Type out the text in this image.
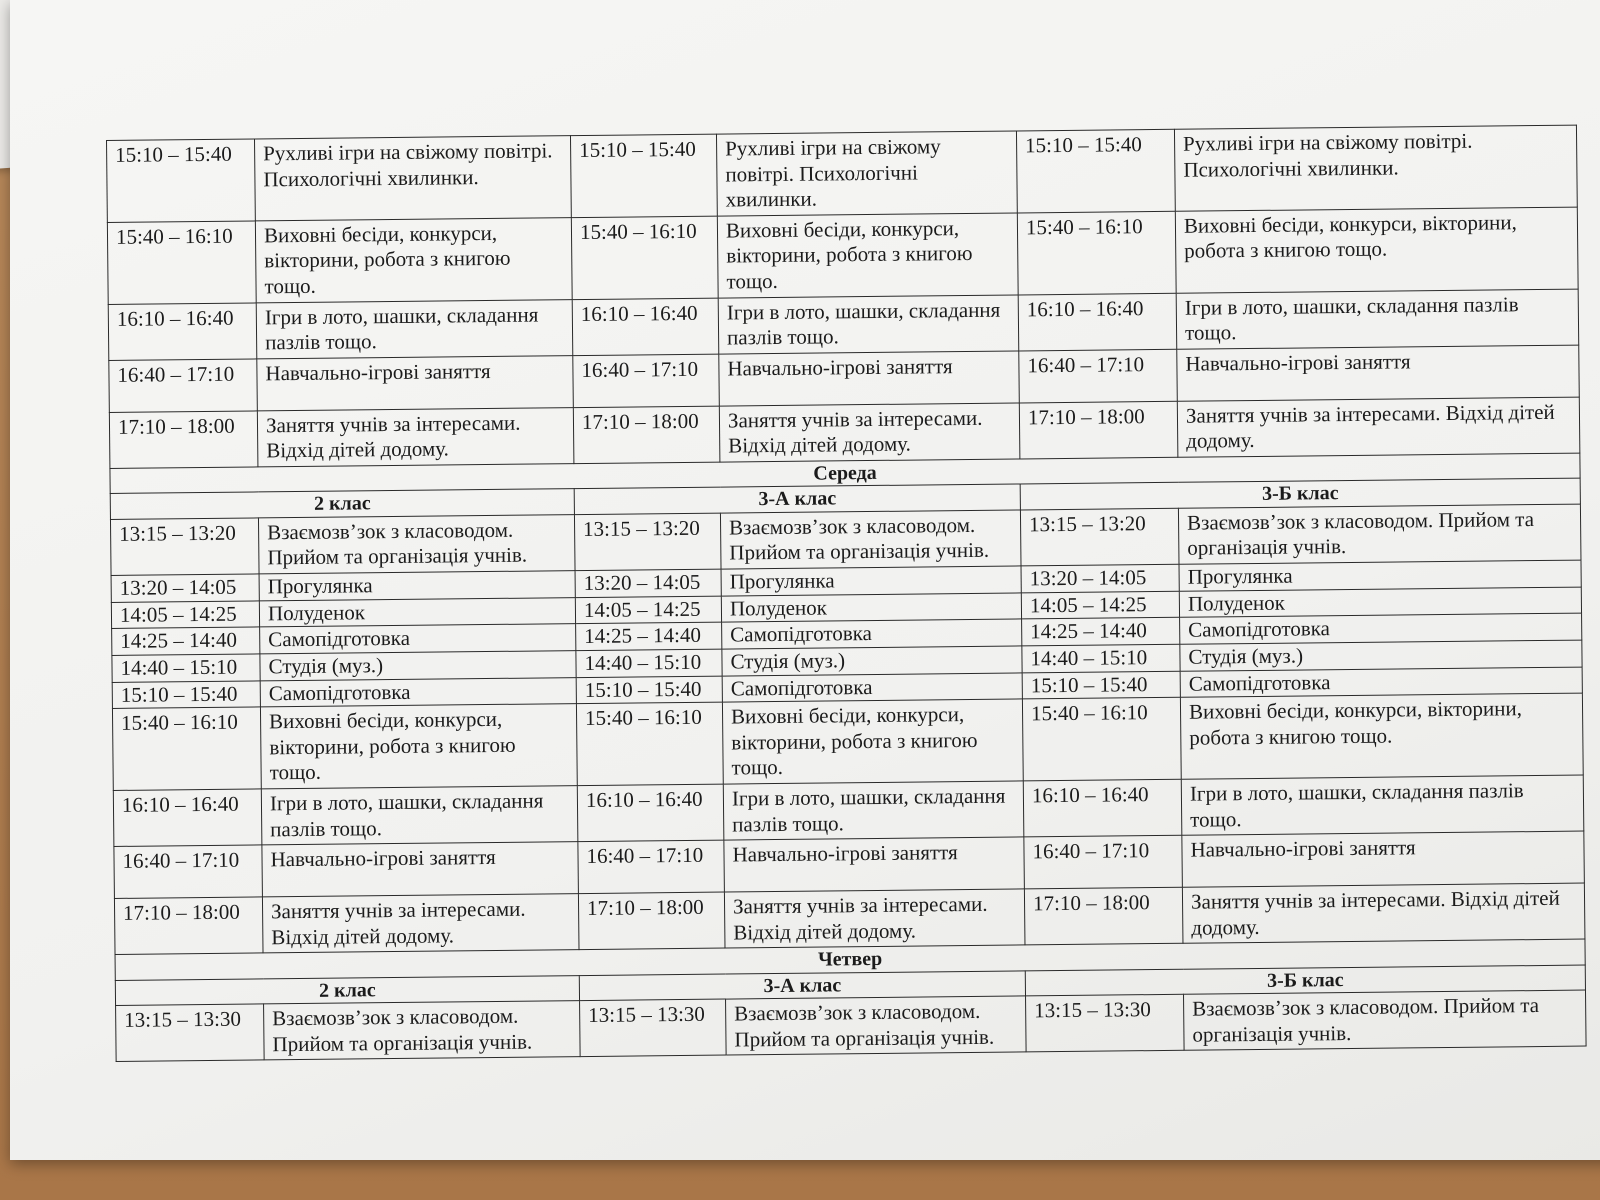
15:10 – 15:40	Рухливі ігри на свіжому повітрі. Психологічні хвилинки.	15:10 – 15:40	Рухливі ігри на свіжому повітрі. Психологічні хвилинки.	15:10 – 15:40	Рухливі ігри на свіжому повітрі. Психологічні хвилинки.
15:40 – 16:10	Виховні бесіди, конкурси, вікторини, робота з книгою тощо.	15:40 – 16:10	Виховні бесіди, конкурси, вікторини, робота з книгою тощо.	15:40 – 16:10	Виховні бесіди, конкурси, вікторини, робота з книгою тощо.
16:10 – 16:40	Ігри в лото, шашки, складання пазлів тощо.	16:10 – 16:40	Ігри в лото, шашки, складання пазлів тощо.	16:10 – 16:40	Ігри в лото, шашки, складання пазлів тощо.
16:40 – 17:10	Навчально-ігрові заняття	16:40 – 17:10	Навчально-ігрові заняття	16:40 – 17:10	Навчально-ігрові заняття
17:10 – 18:00	Заняття учнів за інтересами. Відхід дітей додому.	17:10 – 18:00	Заняття учнів за інтересами. Відхід дітей додому.	17:10 – 18:00	Заняття учнів за інтересами. Відхід дітей додому.
Середа					
2 клас		3-А клас		3-Б клас	
13:15 – 13:20	Взаємозв’зок з класоводом. Прийом та організація учнів.	13:15 – 13:20	Взаємозв’зок з класоводом. Прийом та організація учнів.	13:15 – 13:20	Взаємозв’зок з класоводом. Прийом та організація учнів.
13:20 – 14:05	Прогулянка	13:20 – 14:05	Прогулянка	13:20 – 14:05	Прогулянка
14:05 – 14:25	Полуденок	14:05 – 14:25	Полуденок	14:05 – 14:25	Полуденок
14:25 – 14:40	Самопідготовка	14:25 – 14:40	Самопідготовка	14:25 – 14:40	Самопідготовка
14:40 – 15:10	Студія (муз.)	14:40 – 15:10	Студія (муз.)	14:40 – 15:10	Студія (муз.)
15:10 – 15:40	Самопідготовка	15:10 – 15:40	Самопідготовка	15:10 – 15:40	Самопідготовка
15:40 – 16:10	Виховні бесіди, конкурси, вікторини, робота з книгою тощо.	15:40 – 16:10	Виховні бесіди, конкурси, вікторини, робота з книгою тощо.	15:40 – 16:10	Виховні бесіди, конкурси, вікторини, робота з книгою тощо.
16:10 – 16:40	Ігри в лото, шашки, складання пазлів тощо.	16:10 – 16:40	Ігри в лото, шашки, складання пазлів тощо.	16:10 – 16:40	Ігри в лото, шашки, складання пазлів тощо.
16:40 – 17:10	Навчально-ігрові заняття	16:40 – 17:10	Навчально-ігрові заняття	16:40 – 17:10	Навчально-ігрові заняття
17:10 – 18:00	Заняття учнів за інтересами. Відхід дітей додому.	17:10 – 18:00	Заняття учнів за інтересами. Відхід дітей додому.	17:10 – 18:00	Заняття учнів за інтересами. Відхід дітей додому.
Четвер					
2 клас		3-А клас		3-Б клас	
13:15 – 13:30	Взаємозв’зок з класоводом. Прийом та організація учнів.	13:15 – 13:30	Взаємозв’зок з класоводом. Прийом та організація учнів.	13:15 – 13:30	Взаємозв’зок з класоводом. Прийом та організація учнів.
